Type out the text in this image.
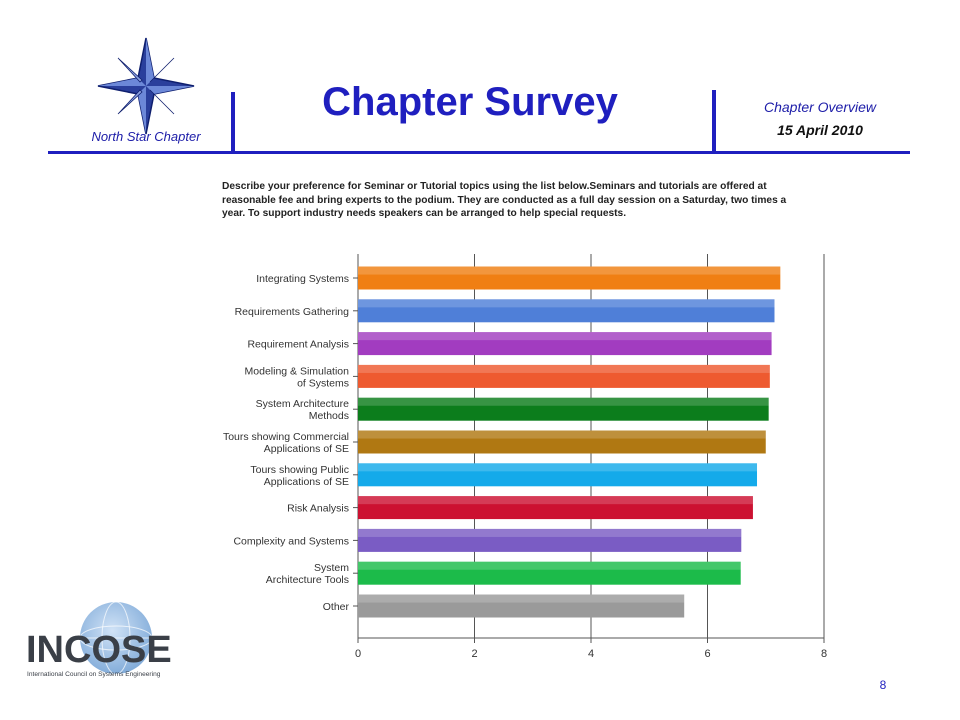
North Star Chapter
Chapter Survey	Chapter Overview
15 April 2010
Describe your preference for Seminar or Tutorial topics using the list below.Seminars and tutorials are offered at reasonable fee and bring experts to the podium. They are conducted as a full day session on a Saturday, two times a year. To support industry needs speakers can be arranged to help special requests.
Integrating Systems
Requirements Gathering
Requirement Analysis
Modeling & Simulation of Systems
System Architecture Methods
Tours showing Commercial Applications of SE
Tours showing Public Applications of SE
Risk Analysis
Complexity and Systems
System Architecture Tools
Other
0	2	4	6	8
INCOSE
International Council on Systems Engineering
8
